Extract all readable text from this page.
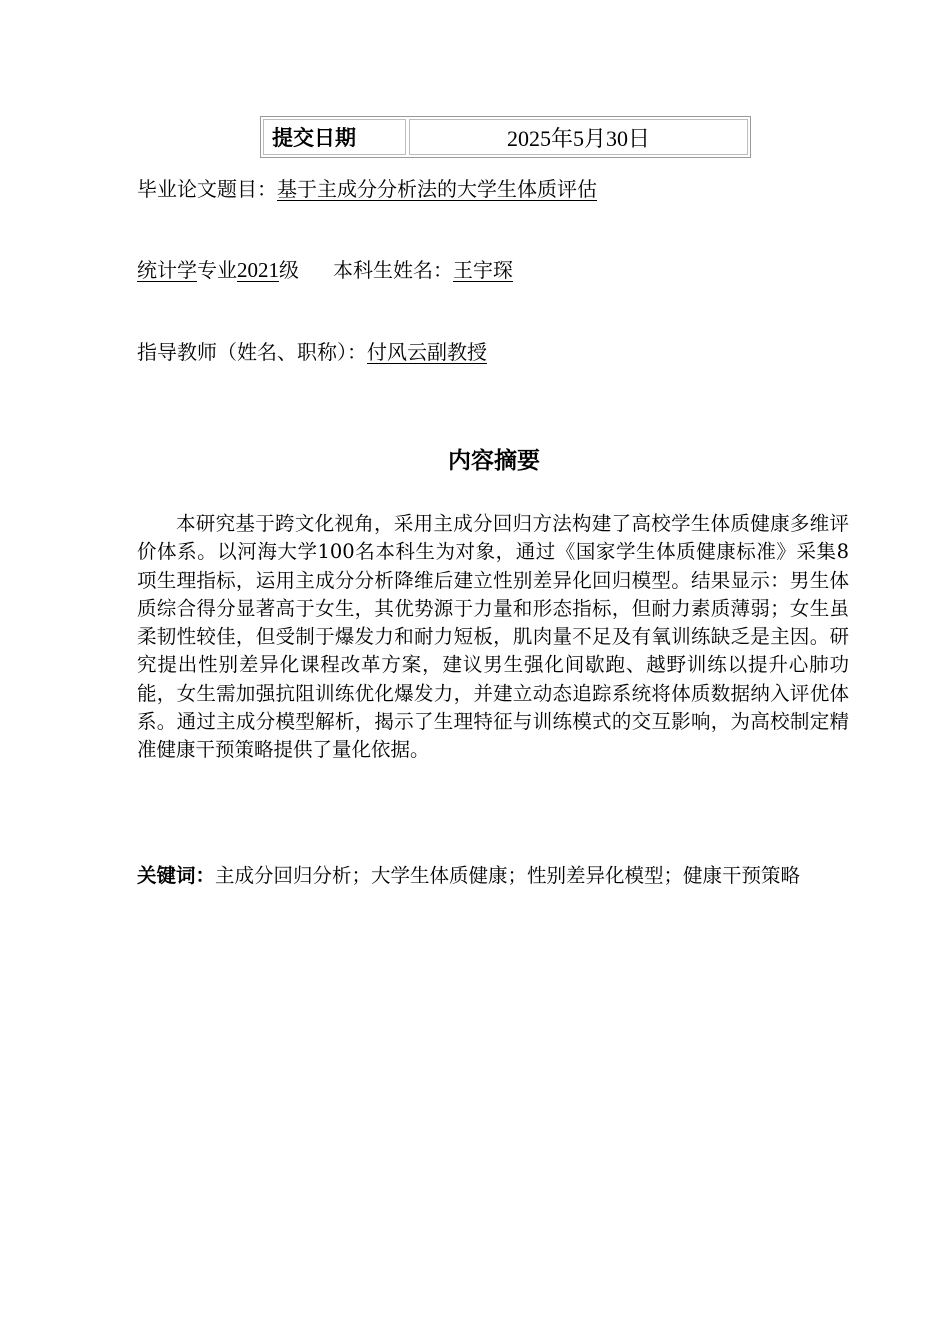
提交日期	2025年5月30日
毕业论文题目：基于主成分分析法的大学生体质评估
统计学专业2021级 本科生姓名：王宇琛
指导教师（姓名、职称）：付风云副教授
内容摘要

本研究基于跨文化视角，采用主成分回归方法构建了高校学生体质健康多维评价体系。以河海大学100名本科生为对象，通过《国家学生体质健康标准》采集8项生理指标，运用主成分分析降维后建立性别差异化回归模型。结果显示：男生体质综合得分显著高于女生，其优势源于力量和形态指标，但耐力素质薄弱；女生虽柔韧性较佳，但受制于爆发力和耐力短板，肌肉量不足及有氧训练缺乏是主因。研究提出性别差异化课程改革方案，建议男生强化间歇跑、越野训练以提升心肺功能，女生需加强抗阻训练优化爆发力，并建立动态追踪系统将体质数据纳入评优体系。通过主成分模型解析，揭示了生理特征与训练模式的交互影响，为高校制定精准健康干预策略提供了量化依据。

关键词：主成分回归分析；大学生体质健康；性别差异化模型；健康干预策略
